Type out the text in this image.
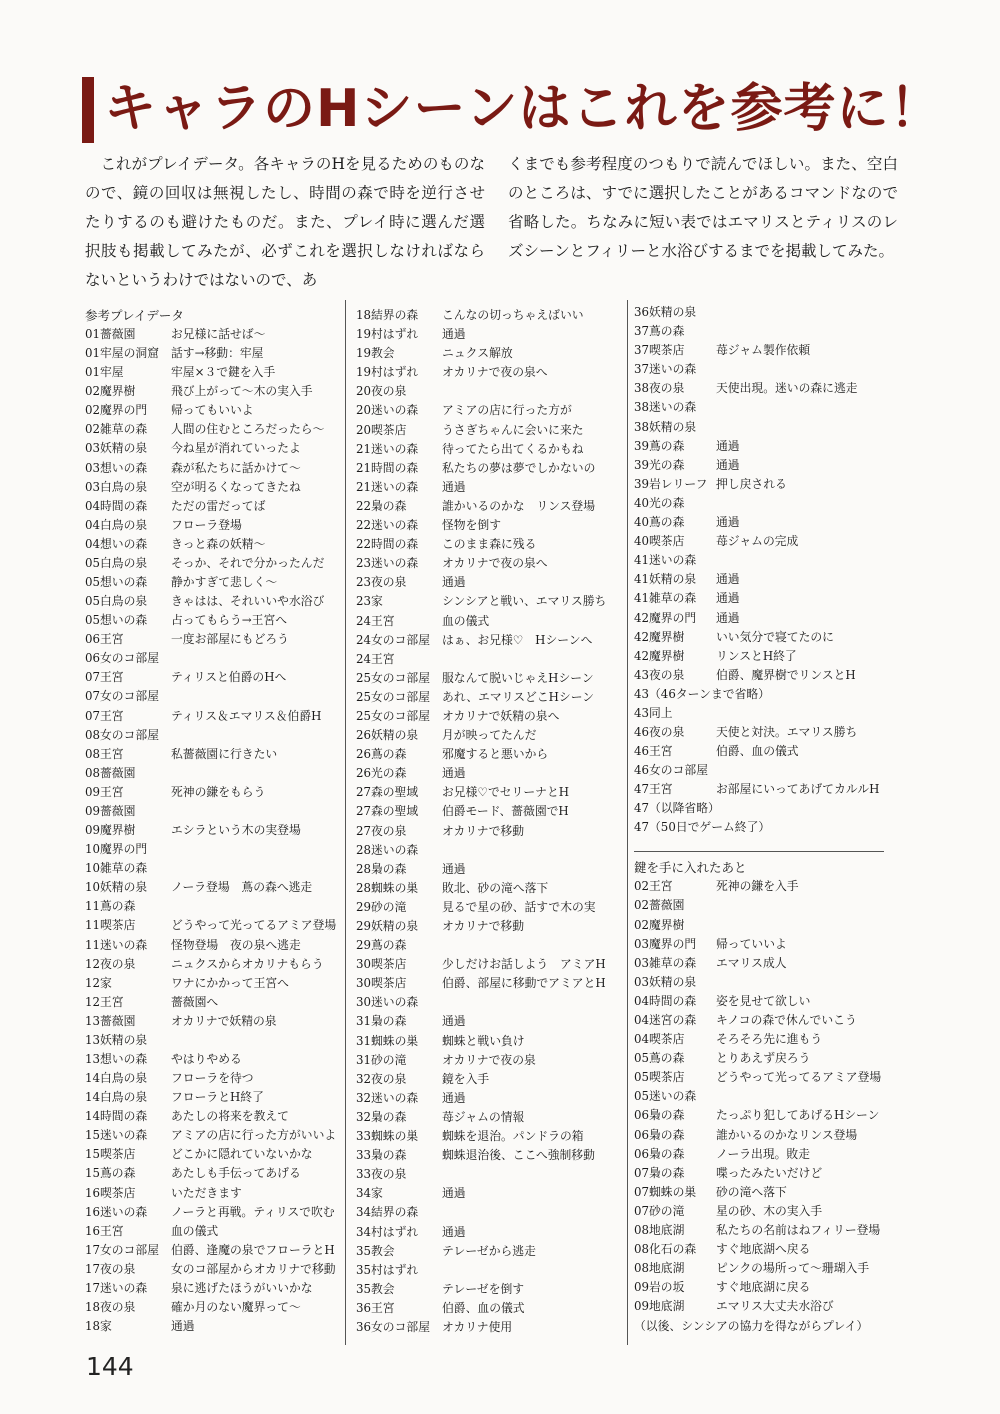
キャラのHシーンはこれを参考に！

これがプレイデータ。各キャラのHを見るためのものなので、鏡の回収は無視したし、時間の森で時を逆行させたりするのも避けたものだ。また、プレイ時に選んだ選択肢も掲載してみたが、必ずこれを選択しなければならないというわけではないので、あ

くまでも参考程度のつもりで読んでほしい。また、空白のところは、すでに選択したことがあるコマンドなので省略した。ちなみに短い表ではエマリスとティリスのレズシーンとフィリーと水浴びするまでを掲載してみた。

参考プレイデータ
01薔薇園	お兄様に話せば～
01牢屋の洞窟	話す→移動：牢屋
01牢屋	牢屋×３で鍵を入手
02魔界樹	飛び上がって～木の実入手
02魔界の門	帰ってもいいよ
02雑草の森	人間の住むところだったら～
03妖精の泉	今ね星が消れていったよ
03想いの森	森が私たちに話かけて～
03白鳥の泉	空が明るくなってきたね
04時間の森	ただの雷だってば
04白鳥の泉	フローラ登場
04想いの森	きっと森の妖精～
05白鳥の泉	そっか、それで分かったんだ
05想いの森	静かすぎて悲しく～
05白鳥の泉	きゃはは、それいいや水浴び
05想いの森	占ってもらう→王宮へ
06王宮	一度お部屋にもどろう
06女のコ部屋
07王宮	ティリスと伯爵のHへ
07女のコ部屋
07王宮	ティリス＆エマリス＆伯爵H
08女のコ部屋
08王宮	私薔薇園に行きたい
08薔薇園
09王宮	死神の鎌をもらう
09薔薇園
09魔界樹	エシラという木の実登場
10魔界の門
10雑草の森
10妖精の泉	ノーラ登場　蔦の森へ逃走
11蔦の森
11喫茶店	どうやって光ってるアミア登場
11迷いの森	怪物登場　夜の泉へ逃走
12夜の泉	ニュクスからオカリナもらう
12家	ワナにかかって王宮へ
12王宮	薔薇園へ
13薔薇園	オカリナで妖精の泉
13妖精の泉
13想いの森	やはりやめる
14白鳥の泉	フローラを待つ
14白鳥の泉	フローラとH終了
14時間の森	あたしの将来を教えて
15迷いの森	アミアの店に行った方がいいよ
15喫茶店	どこかに隠れていないかな
15蔦の森	あたしも手伝ってあげる
16喫茶店	いただきます
16迷いの森	ノーラと再戦。ティリスで吹む
16王宮	血の儀式
17女のコ部屋	伯爵、逢魔の泉でフローラとH
17夜の泉	女のコ部屋からオカリナで移動
17迷いの森	泉に逃げたほうがいいかな
18夜の泉	確か月のない魔界って～
18家	通過
18結界の森	こんなの切っちゃえばいい
19村はずれ	通過
19教会	ニュクス解放
19村はずれ	オカリナで夜の泉へ
20夜の泉
20迷いの森	アミアの店に行った方が
20喫茶店	うさぎちゃんに会いに来た
21迷いの森	待ってたら出てくるかもね
21時間の森	私たちの夢は夢でしかないの
21迷いの森	通過
22梟の森	誰かいるのかな　リンス登場
22迷いの森	怪物を倒す
22時間の森	このまま森に残る
23迷いの森	オカリナで夜の泉へ
23夜の泉	通過
23家	シンシアと戦い、エマリス勝ち
24王宮	血の儀式
24女のコ部屋	はぁ、お兄様♡　Hシーンへ
24王宮
25女のコ部屋	服なんて脱いじゃえHシーン
25女のコ部屋	あれ、エマリスどこHシーン
25女のコ部屋	オカリナで妖精の泉へ
26妖精の泉	月が映ってたんだ
26蔦の森	邪魔すると悪いから
26光の森	通過
27森の聖域	お兄様♡でセリーナとH
27森の聖域	伯爵モード、薔薇園でH
27夜の泉	オカリナで移動
28迷いの森
28梟の森	通過
28蜘蛛の巣	敗北、砂の滝へ落下
29砂の滝	見るで星の砂、話すで木の実
29妖精の泉	オカリナで移動
29蔦の森
30喫茶店	少しだけお話しよう　アミアH
30喫茶店	伯爵、部屋に移動でアミアとH
30迷いの森
31梟の森	通過
31蜘蛛の巣	蜘蛛と戦い負け
31砂の滝	オカリナで夜の泉
32夜の泉	鏡を入手
32迷いの森	通過
32梟の森	苺ジャムの情報
33蜘蛛の巣	蜘蛛を退治。パンドラの箱
33梟の森	蜘蛛退治後、ここへ強制移動
33夜の泉
34家	通過
34結界の森
34村はずれ	通過
35教会	テレーゼから逃走
35村はずれ
35教会	テレーゼを倒す
36王宮	伯爵、血の儀式
36女のコ部屋	オカリナ使用
36妖精の泉
37蔦の森
37喫茶店	苺ジャム製作依頼
37迷いの森
38夜の泉	天使出現。迷いの森に逃走
38迷いの森
38妖精の泉
39蔦の森	通過
39光の森	通過
39岩レリーフ 押し戻される
40光の森
40蔦の森	通過
40喫茶店	苺ジャムの完成
41迷いの森
41妖精の泉	通過
41雑草の森	通過
42魔界の門	通過
42魔界樹	いい気分で寝てたのに
42魔界樹	リンスとH終了
43夜の泉	伯爵、魔界樹でリンスとH
43（46ターンまで省略）
43同上
46夜の泉	天使と対決。エマリス勝ち
46王宮	伯爵、血の儀式
46女のコ部屋
47王宮	お部屋にいってあげてカルルH
47（以降省略）
47（50日でゲーム終了）
鍵を手に入れたあと
02王宮	死神の鎌を入手
02薔薇園
02魔界樹
03魔界の門	帰っていいよ
03雑草の森	エマリス成人
03妖精の泉
04時間の森	姿を見せて欲しい
04迷宮の森	キノコの森で休んでいこう
04喫茶店	そろそろ先に進もう
05蔦の森	とりあえず戻ろう
05喫茶店	どうやって光ってるアミア登場
05迷いの森
06梟の森	たっぷり犯してあげるHシーン
06梟の森	誰かいるのかなリンス登場
06梟の森	ノーラ出現。敗走
07梟の森	喋ったみたいだけど
07蜘蛛の巣	砂の滝へ落下
07砂の滝	星の砂、木の実入手
08地底湖	私たちの名前はねフィリー登場
08化石の森	すぐ地底湖へ戻る
08地底湖	ピンクの場所って～珊瑚入手
09岩の坂	すぐ地底湖に戻る
09地底湖	エマリス大丈夫水浴び
（以後、シンシアの協力を得ながらプレイ）
144
